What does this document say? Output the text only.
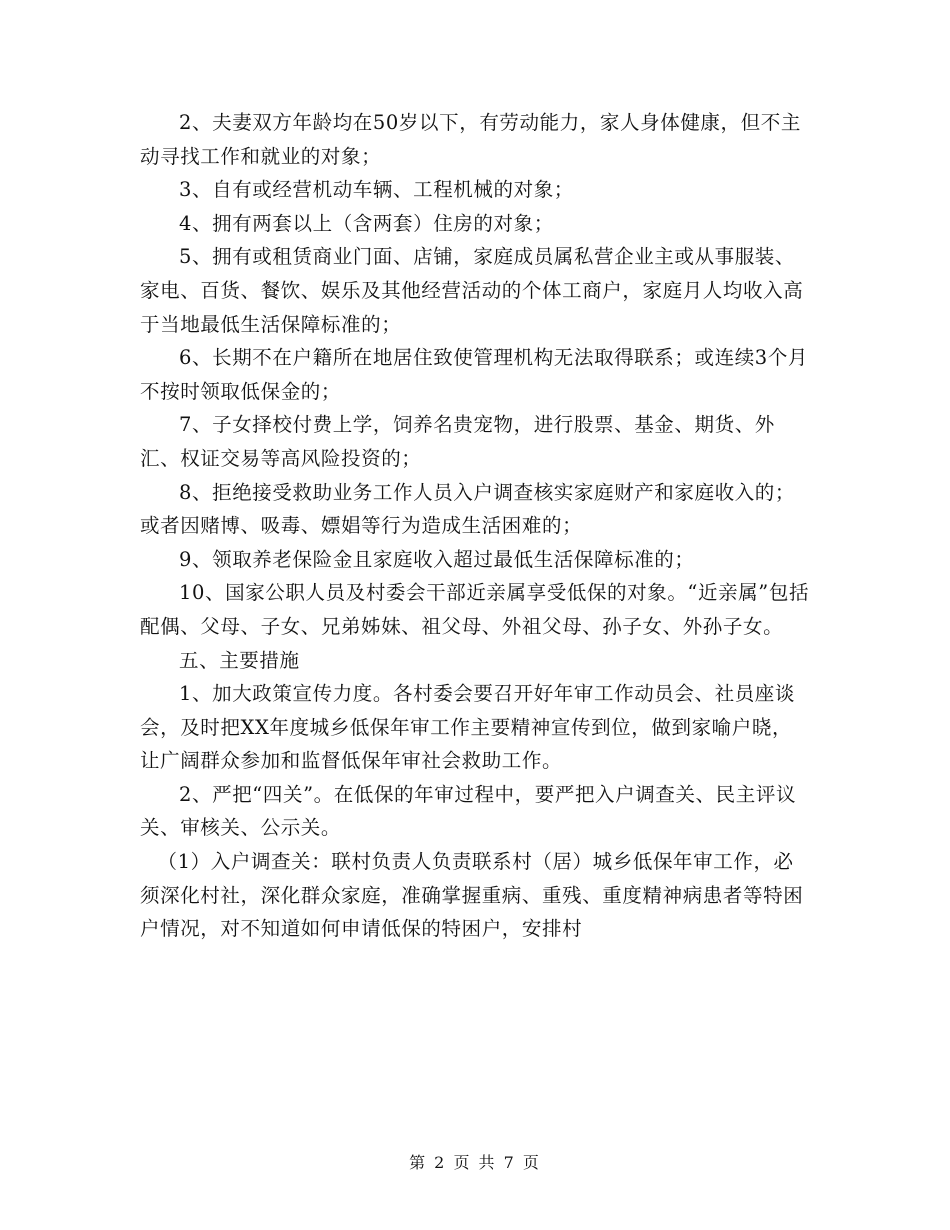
2、夫妻双方年龄均在50岁以下，有劳动能力，家人身体健康，但不主动寻找工作和就业的对象；

3、自有或经营机动车辆、工程机械的对象；

4、拥有两套以上（含两套）住房的对象；

5、拥有或租赁商业门面、店铺，家庭成员属私营企业主或从事服装、家电、百货、餐饮、娱乐及其他经营活动的个体工商户，家庭月人均收入高于当地最低生活保障标准的；

6、长期不在户籍所在地居住致使管理机构无法取得联系；或连续3个月不按时领取低保金的；

7、子女择校付费上学，饲养名贵宠物，进行股票、基金、期货、外汇、权证交易等高风险投资的；

8、拒绝接受救助业务工作人员入户调查核实家庭财产和家庭收入的；或者因赌博、吸毒、嫖娼等行为造成生活困难的；

9、领取养老保险金且家庭收入超过最低生活保障标准的；

10、国家公职人员及村委会干部近亲属享受低保的对象。“近亲属”包括配偶、父母、子女、兄弟姊妹、祖父母、外祖父母、孙子女、外孙子女。

五、主要措施

1、加大政策宣传力度。各村委会要召开好年审工作动员会、社员座谈会，及时把XX年度城乡低保年审工作主要精神宣传到位，做到家喻户晓，让广阔群众参加和监督低保年审社会救助工作。

2、严把“四关”。在低保的年审过程中，要严把入户调查关、民主评议关、审核关、公示关。

（1）入户调查关：联村负责人负责联系村（居）城乡低保年审工作，必须深化村社，深化群众家庭，准确掌握重病、重残、重度精神病患者等特困户情况，对不知道如何申请低保的特困户，安排村

第 2 页 共 7 页
